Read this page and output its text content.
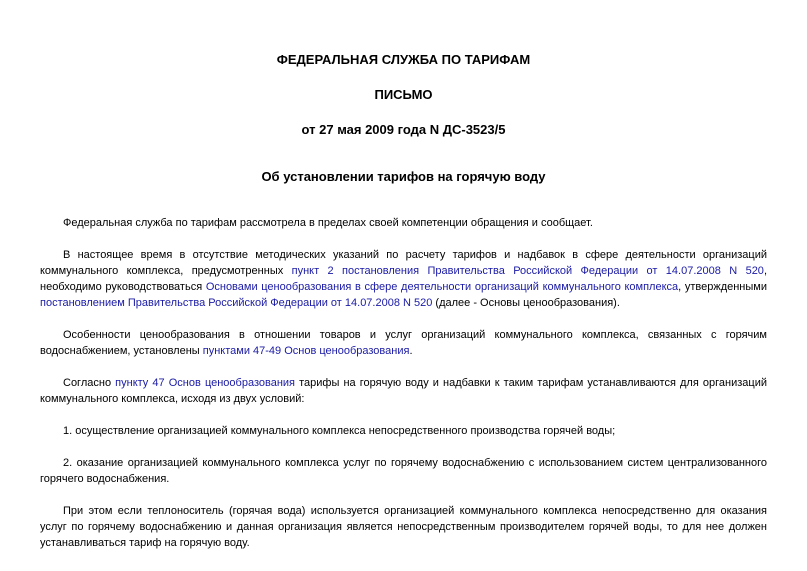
ФЕДЕРАЛЬНАЯ СЛУЖБА ПО ТАРИФАМ

ПИСЬМО

от 27 мая 2009 года N ДС-3523/5

Об установлении тарифов на горячую воду

Федеральная служба по тарифам рассмотрела в пределах своей компетенции обращения и сообщает.

В настоящее время в отсутствие методических указаний по расчету тарифов и надбавок в сфере деятельности организаций коммунального комплекса, предусмотренных пункт 2 постановления Правительства Российской Федерации от 14.07.2008 N 520, необходимо руководствоваться Основами ценообразования в сфере деятельности организаций коммунального комплекса, утвержденными постановлением Правительства Российской Федерации от 14.07.2008 N 520 (далее - Основы ценообразования).

Особенности ценообразования в отношении товаров и услуг организаций коммунального комплекса, связанных с горячим водоснабжением, установлены пунктами 47-49 Основ ценообразования.

Согласно пункту 47 Основ ценообразования тарифы на горячую воду и надбавки к таким тарифам устанавливаются для организаций коммунального комплекса, исходя из двух условий:

1. осуществление организацией коммунального комплекса непосредственного производства горячей воды;

2. оказание организацией коммунального комплекса услуг по горячему водоснабжению с использованием систем централизованного горячего водоснабжения.

При этом если теплоноситель (горячая вода) используется организацией коммунального комплекса непосредственно для оказания услуг по горячему водоснабжению и данная организация является непосредственным производителем горячей воды, то для нее должен устанавливаться тариф на горячую воду.
